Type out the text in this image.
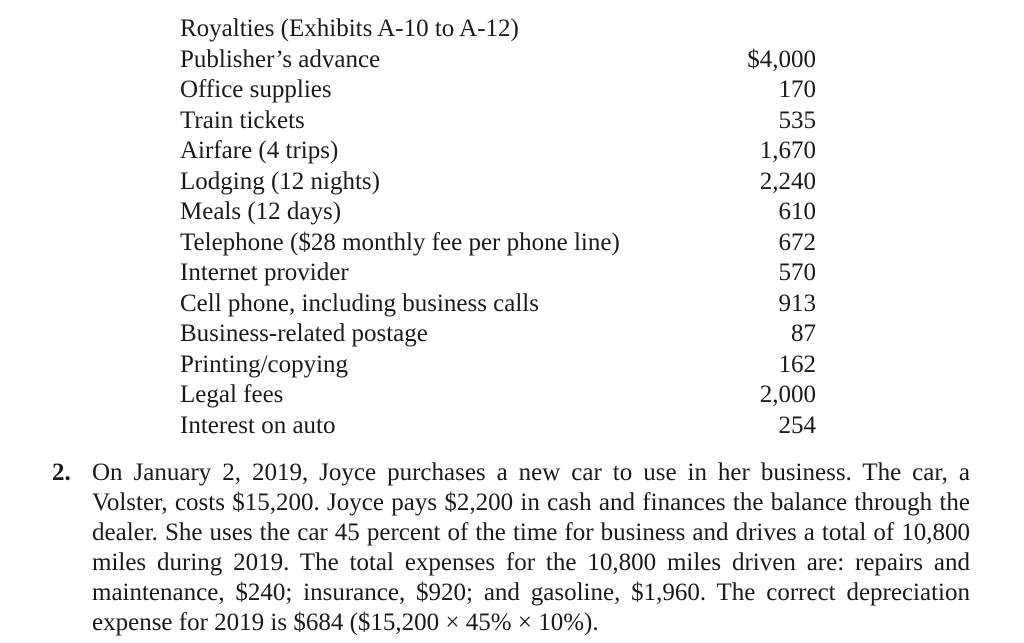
Royalties (Exhibits A-10 to A-12)
Publisher’s advance	$4,000
Office supplies	170
Train tickets	535
Airfare (4 trips)	1,670
Lodging (12 nights)	2,240
Meals (12 days)	610
Telephone ($28 monthly fee per phone line)	672
Internet provider	570
Cell phone, including business calls	913
Business-related postage	87
Printing/copying	162
Legal fees	2,000
Interest on auto	254
2. On January 2, 2019, Joyce purchases a new car to use in her business. The car, a Volster, costs $15,200. Joyce pays $2,200 in cash and finances the balance through the dealer. She uses the car 45 percent of the time for business and drives a total of 10,800 miles during 2019. The total expenses for the 10,800 miles driven are: repairs and maintenance, $240; insurance, $920; and gasoline, $1,960. The correct depreciation expense for 2019 is $684 ($15,200 × 45% × 10%).
